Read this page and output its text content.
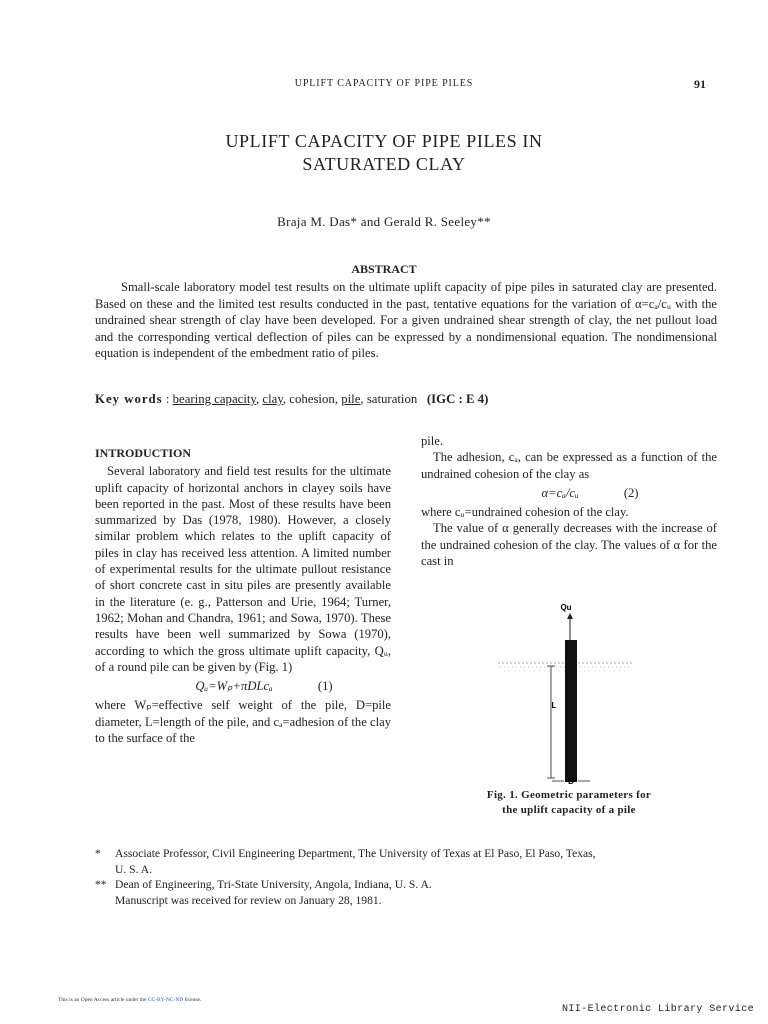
UPLIFT CAPACITY OF PIPE PILES	91
UPLIFT CAPACITY OF PIPE PILES IN
SATURATED CLAY
Braja M. Das* and Gerald R. Seeley**
ABSTRACT

Small-scale laboratory model test results on the ultimate uplift capacity of pipe piles in saturated clay are presented. Based on these and the limited test results conducted in the past, tentative equations for the variation of α=cₐ/cᵤ with the undrained shear strength of clay have been developed. For a given undrained shear strength of clay, the net pullout load and the corresponding vertical deflection of piles can be expressed by a nondimensional equation. The nondimensional equation is independent of the embedment ratio of piles.

Key words : bearing capacity, clay, cohesion, pile, saturation (IGC : E 4)

INTRODUCTION

Several laboratory and field test results for the ultimate uplift capacity of horizontal anchors in clayey soils have been reported in the past. Most of these results have been summarized by Das (1978, 1980). However, a closely similar problem which relates to the uplift capacity of piles in clay has received less attention. A limited number of experimental results for the ultimate pullout resistance of short concrete cast in situ piles are presently available in the literature (e. g., Patterson and Urie, 1964; Turner, 1962; Mohan and Chandra, 1961; and Sowa, 1970). These results have been well summarized by Sowa (1970), according to which the gross ultimate uplift capacity, Qᵤ, of a round pile can be given by (Fig. 1)

Qᵤ=Wₚ+πDLcₐ	(1)

where Wₚ=effective self weight of the pile, D=pile diameter, L=length of the pile, and cₐ=adhesion of the clay to the surface of the

pile.

The adhesion, cₐ, can be expressed as a function of the undrained cohesion of the clay as

α=cₐ/cᵤ	(2)

where cᵤ=undrained cohesion of the clay.

The value of α generally decreases with the increase of the undrained cohesion of the clay. The values of α for the cast in

Qu
L
D
Fig. 1. Geometric parameters for
the uplift capacity of a pile

* Associate Professor, Civil Engineering Department, The University of Texas at El Paso, El Paso, Texas,

U. S. A.

** Dean of Engineering, Tri-State University, Angola, Indiana, U. S. A.

Manuscript was received for review on January 28, 1981.

This is an Open Access article under the CC-BY-NC-ND license.
NII-Electronic Library Service
